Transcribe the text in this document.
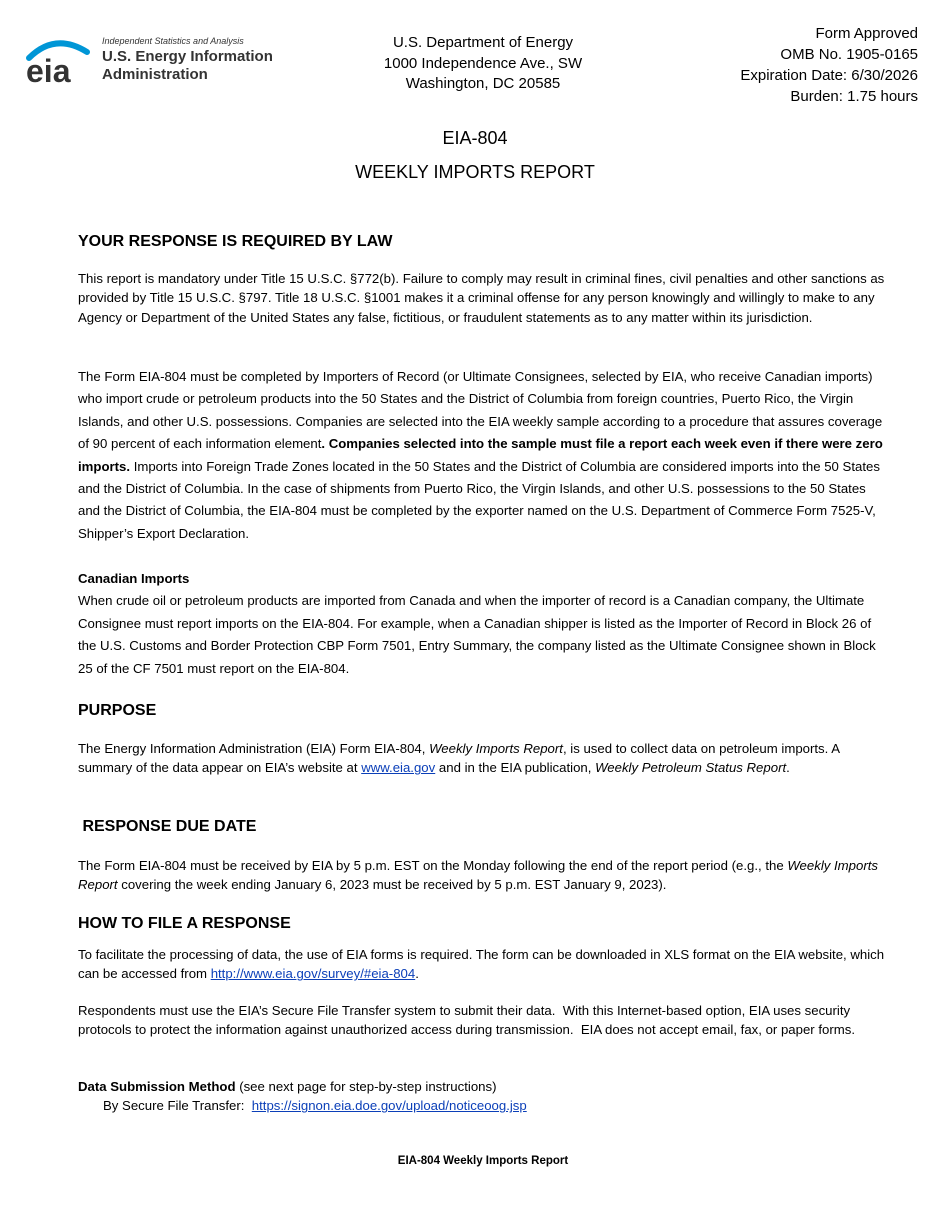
eia
Independent Statistics and Analysis
U.S. Energy Information
Administration
U.S. Department of Energy
1000 Independence Ave., SW
Washington, DC 20585
Form Approved
OMB No. 1905-0165
Expiration Date: 6/30/2026
Burden: 1.75 hours
EIA-804
WEEKLY IMPORTS REPORT
YOUR RESPONSE IS REQUIRED BY LAW

This report is mandatory under Title 15 U.S.C. §772(b). Failure to comply may result in criminal fines, civil penalties and other sanctions as provided by Title 15 U.S.C. §797. Title 18 U.S.C. §1001 makes it a criminal offense for any person knowingly and willingly to make to any Agency or Department of the United States any false, fictitious, or fraudulent statements as to any matter within its jurisdiction.

The Form EIA-804 must be completed by Importers of Record (or Ultimate Consignees, selected by EIA, who receive Canadian imports) who import crude or petroleum products into the 50 States and the District of Columbia from foreign countries, Puerto Rico, the Virgin Islands, and other U.S. possessions. Companies are selected into the EIA weekly sample according to a procedure that assures coverage of 90 percent of each information element. Companies selected into the sample must file a report each week even if there were zero imports. Imports into Foreign Trade Zones located in the 50 States and the District of Columbia are considered imports into the 50 States and the District of Columbia. In the case of shipments from Puerto Rico, the Virgin Islands, and other U.S. possessions to the 50 States and the District of Columbia, the EIA-804 must be completed by the exporter named on the U.S. Department of Commerce Form 7525-V, Shipper’s Export Declaration.

Canadian Imports
When crude oil or petroleum products are imported from Canada and when the importer of record is a Canadian company, the Ultimate Consignee must report imports on the EIA-804. For example, when a Canadian shipper is listed as the Importer of Record in Block 26 of the U.S. Customs and Border Protection CBP Form 7501, Entry Summary, the company listed as the Ultimate Consignee shown in Block 25 of the CF 7501 must report on the EIA-804.

PURPOSE

The Energy Information Administration (EIA) Form EIA-804, Weekly Imports Report, is used to collect data on petroleum imports. A summary of the data appear on EIA’s website at www.eia.gov and in the EIA publication, Weekly Petroleum Status Report.

RESPONSE DUE DATE

The Form EIA-804 must be received by EIA by 5 p.m. EST on the Monday following the end of the report period (e.g., the Weekly Imports Report covering the week ending January 6, 2023 must be received by 5 p.m. EST January 9, 2023).

HOW TO FILE A RESPONSE

To facilitate the processing of data, the use of EIA forms is required. The form can be downloaded in XLS format on the EIA website, which can be accessed from http://www.eia.gov/survey/#eia-804.

Respondents must use the EIA’s Secure File Transfer system to submit their data.  With this Internet-based option, EIA uses security    protocols to protect the information against unauthorized access during transmission.  EIA does not accept email, fax, or paper forms.

Data Submission Method (see next page for step-by-step instructions)
By Secure File Transfer:  https://signon.eia.doe.gov/upload/noticeoog.jsp

EIA-804 Weekly Imports Report
